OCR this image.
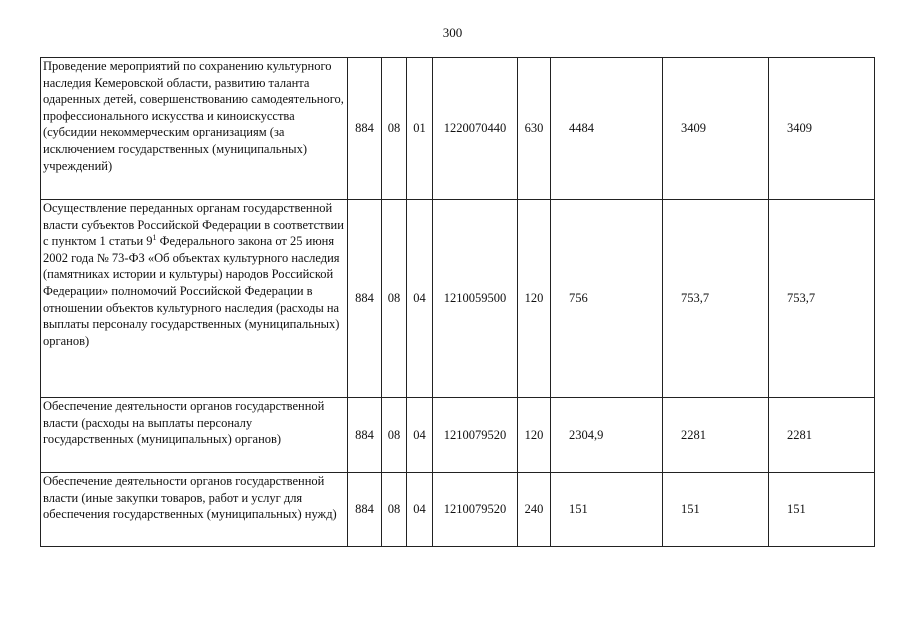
300
Проведение мероприятий по сохранению культурного наследия Кемеровской области, развитию таланта одаренных детей, совершенствованию самодеятельного, профессионального искусства и киноискусства (субсидии некоммерческим организациям (за исключением государственных (муниципальных) учреждений)	884	08	01	1220070440	630	4484	3409	3409
Осуществление переданных органам государственной власти субъектов Российской Федерации в соответствии с пунктом 1 статьи 9$^1$ Федерального закона от 25 июня 2002 года № 73-ФЗ «Об объектах культурного наследия (памятниках истории и культуры) народов Российской Федерации» полномочий Российской Федерации в отношении объектов культурного наследия (расходы на выплаты персоналу государственных (муниципальных) органов)	884	08	04	1210059500	120	756	753,7	753,7
Обеспечение деятельности органов государственной власти (расходы на выплаты персоналу государственных (муниципальных) органов)	884	08	04	1210079520	120	2304,9	2281	2281
Обеспечение деятельности органов государственной власти (иные закупки товаров, работ и услуг для обеспечения государственных (муниципальных) нужд)	884	08	04	1210079520	240	151	151	151
